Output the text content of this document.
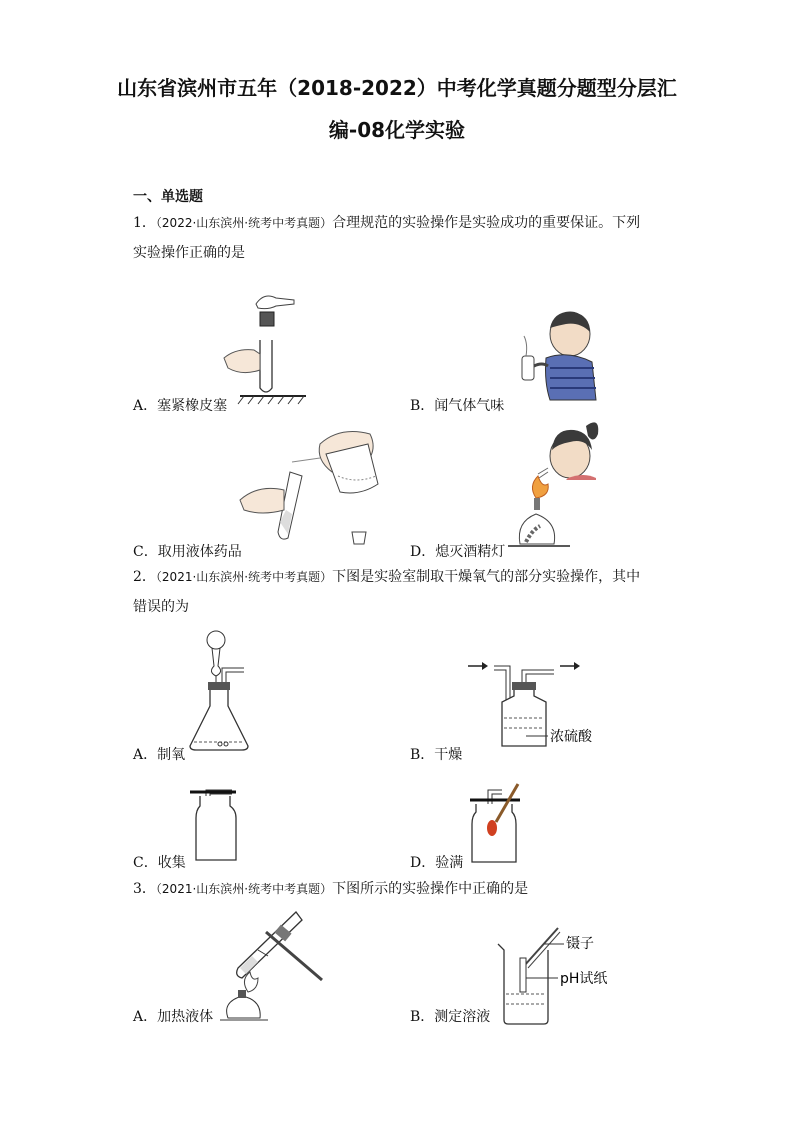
山东省滨州市五年（2018-2022）中考化学真题分题型分层汇
编-08化学实验
一、单选题
1．（2022·山东滨州·统考中考真题）合理规范的实验操作是实验成功的重要保证。下列
实验操作正确的是
A．塞紧橡皮塞	B．闻气体气味
C．取用液体药品	D．熄灭酒精灯
2．（2021·山东滨州·统考中考真题）下图是实验室制取干燥氧气的部分实验操作，其中
错误的为
A．制氧
浓硫酸
B．干燥
C．收集	D．验满
3．（2021·山东滨州·统考中考真题）下图所示的实验操作中正确的是
A．加热液体
镊子
pH试纸
B．测定溶液
